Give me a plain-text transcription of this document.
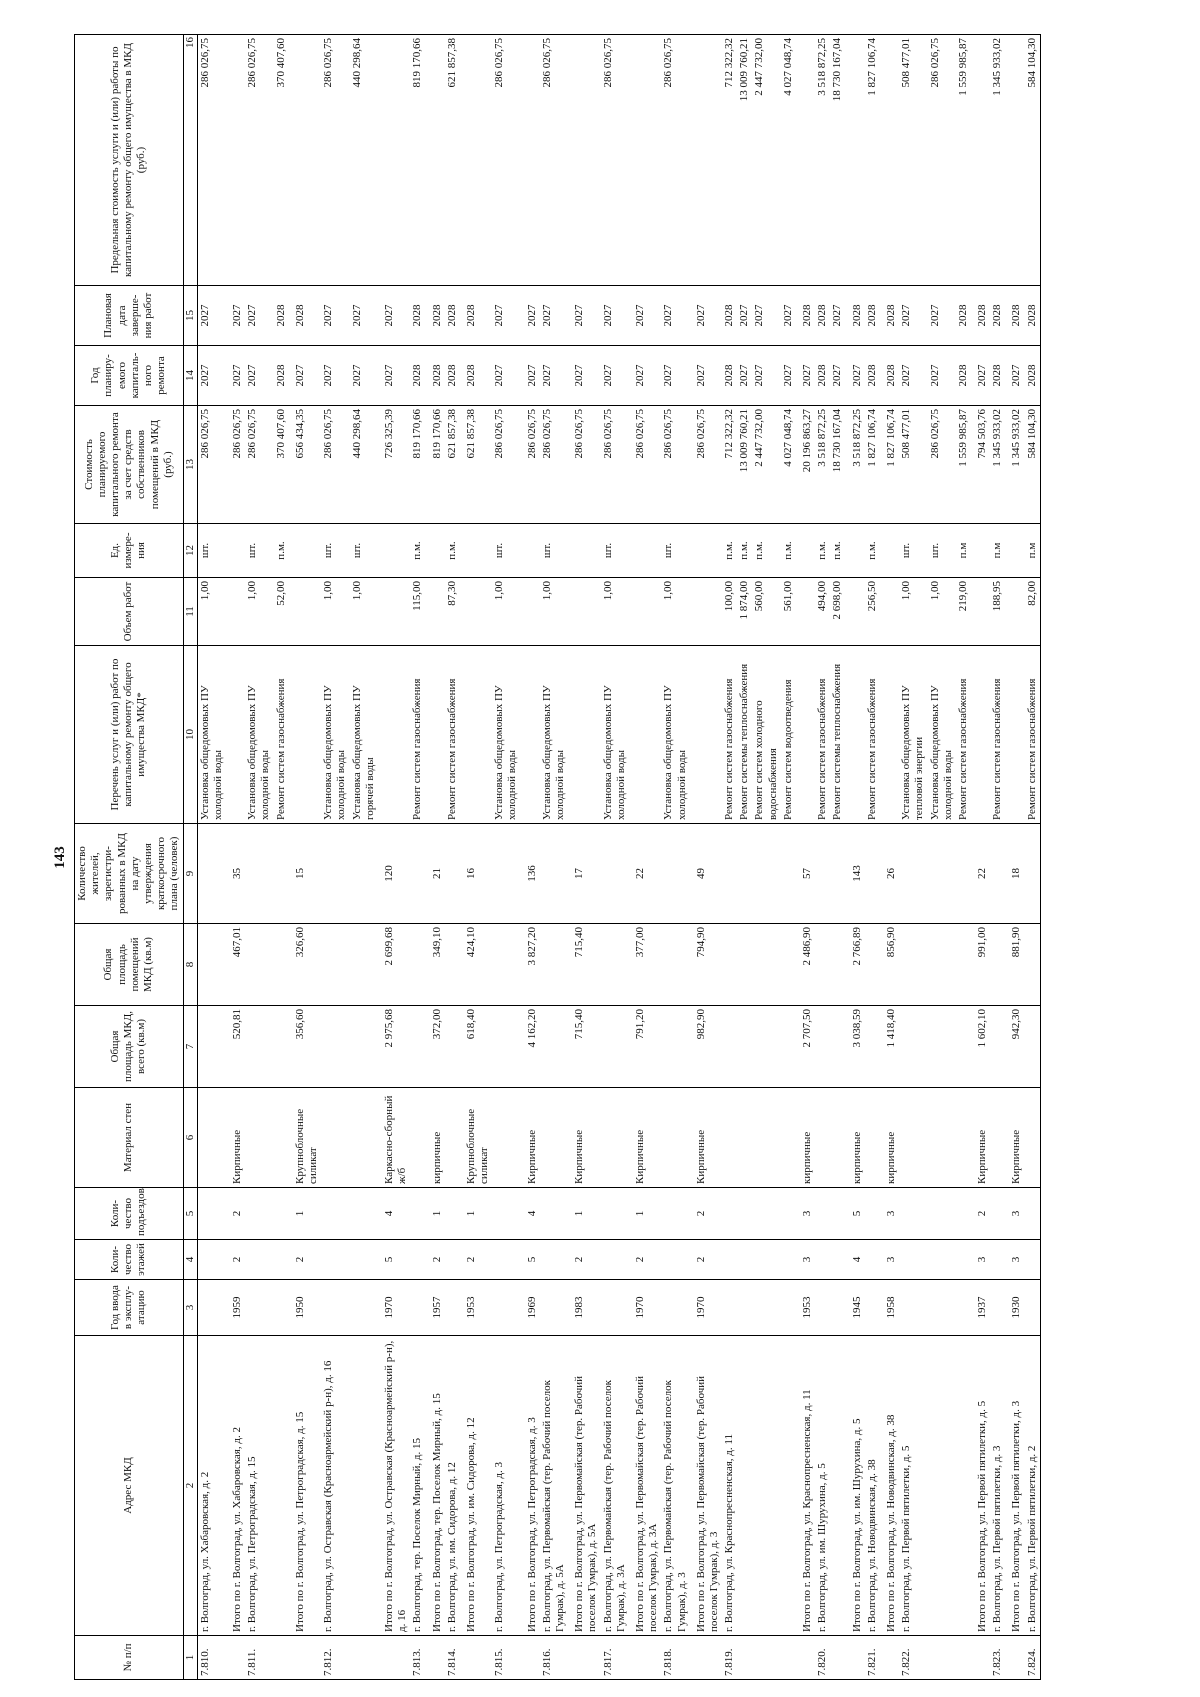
143
№ п/п	Адрес МКД	Год ввода в эксплу-атацию	Коли-чество этажей	Коли-чество подъездов	Материал стен	Общая площадь МКД, всего (кв.м)	Общая площадь помещений МКД (кв.м)	Количество жителей, зарегистри-рованных в МКД на дату утверждения краткосрочного плана (человек)	Перечень услуг и (или) работ по капитальному ремонту общего имущества МКД*	Объем работ	Ед. измере-ния	Стоимость планируемого капитального ремонта за счет средств собственников помещений в МКД (руб.)	Год планиру-емого капиталь-ного ремонта	Плановая дата заверше-ния работ	Предельная стоимость услуги и (или) работы по капитальному ремонту общего имущества в МКД (руб.)
1	2	3	4	5	6	7	8	9	10	11	12	13	14	15	16
7.810.	г. Волгоград, ул. Хабаровская, д. 2								Установка общедомовых ПУ холодной воды	1,00	шт.	286 026,75	2027	2027	286 026,75
	Итого по г. Волгоград, ул. Хабаровская, д. 2	1959	2	2	Кирпичные	520,81	467,01	35				286 026,75	2027	2027	
7.811.	г. Волгоград, ул. Петроградская, д. 15								Установка общедомовых ПУ холодной воды	1,00	шт.	286 026,75	2027	2027	286 026,75
									Ремонт систем газоснабжения	52,00	п.м.	370 407,60	2028	2028	370 407,60
	Итого по г. Волгоград, ул. Петроградская, д. 15	1950	2	1	Крупноблочные силикат	356,60	326,60	15				656 434,35	2027	2028	
7.812.	г. Волгоград, ул. Остравская (Красноармейский р-н), д. 16								Установка общедомовых ПУ холодной воды	1,00	шт.	286 026,75	2027	2027	286 026,75
									Установка общедомовых ПУ горячей воды	1,00	шт.	440 298,64	2027	2027	440 298,64
	Итого по г. Волгоград, ул. Остравская (Красноармейский р-н), д. 16	1970	5	4	Каркасно-сборный ж/б	2 975,68	2 699,68	120				726 325,39	2027	2027	
7.813.	г. Волгоград, тер. Поселок Мирный, д. 15								Ремонт систем газоснабжения	115,00	п.м.	819 170,66	2028	2028	819 170,66
	Итого по г. Волгоград, тер. Поселок Мирный, д. 15	1957	2	1	кирпичные	372,00	349,10	21				819 170,66	2028	2028	
7.814.	г. Волгоград, ул. им. Сидорова, д. 12								Ремонт систем газоснабжения	87,30	п.м.	621 857,38	2028	2028	621 857,38
	Итого по г. Волгоград, ул. им. Сидорова, д. 12	1953	2	1	Крупноблочные силикат	618,40	424,10	16				621 857,38	2028	2028	
7.815.	г. Волгоград, ул. Петроградская, д. 3								Установка общедомовых ПУ холодной воды	1,00	шт.	286 026,75	2027	2027	286 026,75
	Итого по г. Волгоград, ул. Петроградская, д. 3	1969	5	4	Кирпичные	4 162,20	3 827,20	136				286 026,75	2027	2027	
7.816.	г. Волгоград, ул. Первомайская (тер. Рабочий поселок Гумрак), д. 5А								Установка общедомовых ПУ холодной воды	1,00	шт.	286 026,75	2027	2027	286 026,75
	Итого по г. Волгоград, ул. Первомайская (тер. Рабочий поселок Гумрак), д. 5А	1983	2	1	Кирпичные	715,40	715,40	17				286 026,75	2027	2027	
7.817.	г. Волгоград, ул. Первомайская (тер. Рабочий поселок Гумрак), д. 3А								Установка общедомовых ПУ холодной воды	1,00	шт.	286 026,75	2027	2027	286 026,75
	Итого по г. Волгоград, ул. Первомайская (тер. Рабочий поселок Гумрак), д. 3А	1970	2	1	Кирпичные	791,20	377,00	22				286 026,75	2027	2027	
7.818.	г. Волгоград, ул. Первомайская (тер. Рабочий поселок Гумрак), д. 3								Установка общедомовых ПУ холодной воды	1,00	шт.	286 026,75	2027	2027	286 026,75
	Итого по г. Волгоград, ул. Первомайская (тер. Рабочий поселок Гумрак), д. 3	1970	2	2	Кирпичные	982,90	794,90	49				286 026,75	2027	2027	
7.819.	г. Волгоград, ул. Краснопресненская, д. 11								Ремонт систем газоснабжения	100,00	п.м.	712 322,32	2028	2028	712 322,32
									Ремонт системы теплоснабжения	1 874,00	п.м.	13 009 760,21	2027	2027	13 009 760,21
									Ремонт систем холодного водоснабжения	560,00	п.м.	2 447 732,00	2027	2027	2 447 732,00
									Ремонт систем водоотведения	561,00	п.м.	4 027 048,74	2027	2027	4 027 048,74
	Итого по г. Волгоград, ул. Краснопресненская, д. 11	1953	3	3	кирпичные	2 707,50	2 486,90	57				20 196 863,27	2027	2028	
7.820.	г. Волгоград, ул. им. Шурухина, д. 5								Ремонт систем газоснабжения	494,00	п.м.	3 518 872,25	2028	2028	3 518 872,25
									Ремонт системы теплоснабжения	2 698,00	п.м.	18 730 167,04	2027	2027	18 730 167,04
	Итого по г. Волгоград, ул. им. Шурухина, д. 5	1945	4	5	кирпичные	3 038,59	2 766,89	143				3 518 872,25	2027	2028	
7.821.	г. Волгоград, ул. Новодвинская, д. 38								Ремонт систем газоснабжения	256,50	п.м.	1 827 106,74	2028	2028	1 827 106,74
	Итого по г. Волгоград, ул. Новодвинская, д. 38	1958	3	3	кирпичные	1 418,40	856,90	26				1 827 106,74	2028	2028	
7.822.	г. Волгоград, ул. Первой пятилетки, д. 5								Установка общедомовых ПУ тепловой энергии	1,00	шт.	508 477,01	2027	2027	508 477,01
									Установка общедомовых ПУ холодной воды	1,00	шт.	286 026,75	2027	2027	286 026,75
									Ремонт систем газоснабжения	219,00	п.м	1 559 985,87	2028	2028	1 559 985,87
	Итого по г. Волгоград, ул. Первой пятилетки, д. 5	1937	3	2	Кирпичные	1 602,10	991,00	22				794 503,76	2027	2028	
7.823.	г. Волгоград, ул. Первой пятилетки, д. 3								Ремонт систем газоснабжения	188,95	п.м	1 345 933,02	2028	2028	1 345 933,02
	Итого по г. Волгоград, ул. Первой пятилетки, д. 3	1930	3	3	Кирпичные	942,30	881,90	18				1 345 933,02	2027	2028	
7.824.	г. Волгоград, ул. Первой пятилетки, д. 2								Ремонт систем газоснабжения	82,00	п.м	584 104,30	2028	2028	584 104,30
